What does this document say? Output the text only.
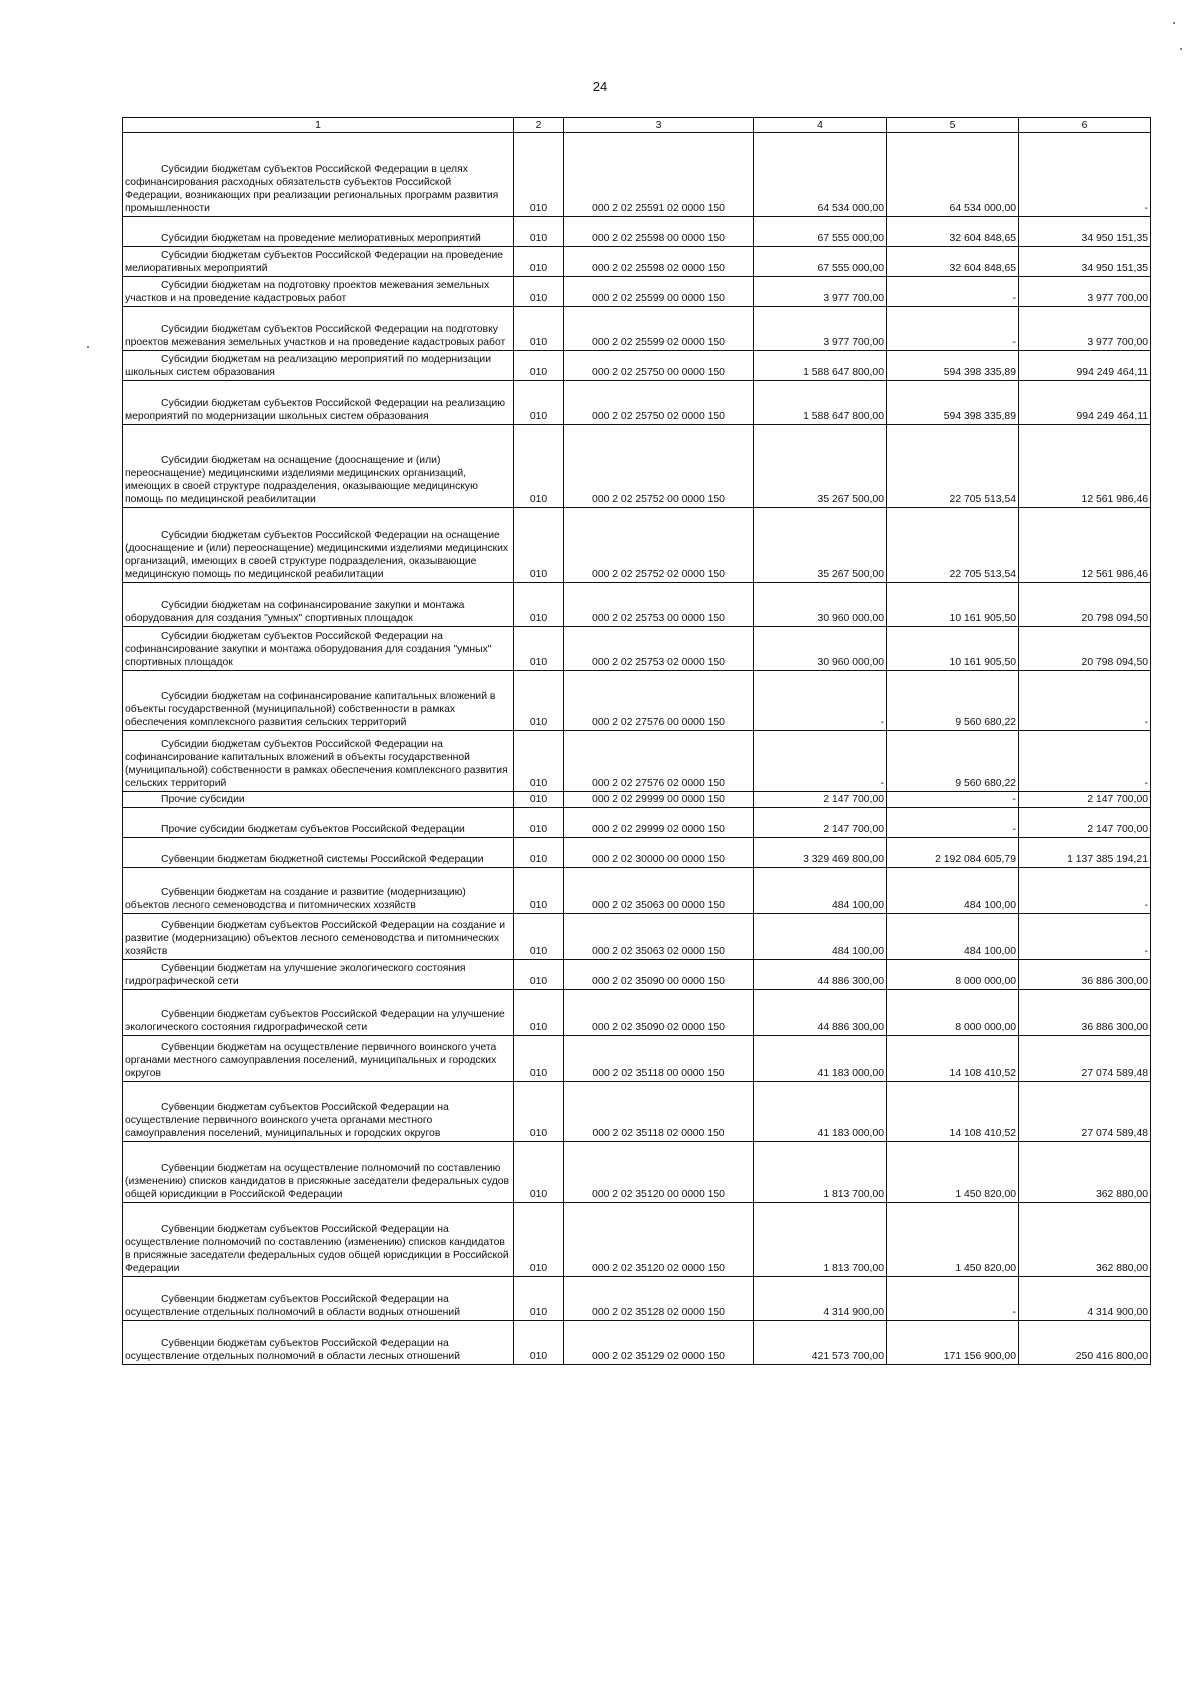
24
1	2	3	4	5	6

Субсидии бюджетам субъектов Российской Федерации в целях софинансирования расходных обязательств субъектов Российской Федерации, возникающих при реализации региональных программ развития промышленности	010	000 2 02 25591 02 0000 150	64 534 000,00	64 534 000,00	-

Субсидии бюджетам на проведение мелиоративных мероприятий	010	000 2 02 25598 00 0000 150	67 555 000,00	32 604 848,65	34 950 151,35

Субсидии бюджетам субъектов Российской Федерации на проведение мелиоративных мероприятий	010	000 2 02 25598 02 0000 150	67 555 000,00	32 604 848,65	34 950 151,35

Субсидии бюджетам на подготовку проектов межевания земельных участков и на проведение кадастровых работ	010	000 2 02 25599 00 0000 150	3 977 700,00	-	3 977 700,00

Субсидии бюджетам субъектов Российской Федерации на подготовку проектов межевания земельных участков и на проведение кадастровых работ	010	000 2 02 25599 02 0000 150	3 977 700,00	-	3 977 700,00

Субсидии бюджетам на реализацию мероприятий по модернизации школьных систем образования	010	000 2 02 25750 00 0000 150	1 588 647 800,00	594 398 335,89	994 249 464,11

Субсидии бюджетам субъектов Российской Федерации на реализацию мероприятий по модернизации школьных систем образования	010	000 2 02 25750 02 0000 150	1 588 647 800,00	594 398 335,89	994 249 464,11

Субсидии бюджетам на оснащение (дооснащение и (или) переоснащение) медицинскими изделиями медицинских организаций, имеющих в своей структуре подразделения, оказывающие медицинскую помощь по медицинской реабилитации	010	000 2 02 25752 00 0000 150	35 267 500,00	22 705 513,54	12 561 986,46

Субсидии бюджетам субъектов Российской Федерации на оснащение (дооснащение и (или) переоснащение) медицинскими изделиями медицинских организаций, имеющих в своей структуре подразделения, оказывающие медицинскую помощь по медицинской реабилитации	010	000 2 02 25752 02 0000 150	35 267 500,00	22 705 513,54	12 561 986,46

Субсидии бюджетам на софинансирование закупки и монтажа оборудования для создания "умных" спортивных площадок	010	000 2 02 25753 00 0000 150	30 960 000,00	10 161 905,50	20 798 094,50

Субсидии бюджетам субъектов Российской Федерации на софинансирование закупки и монтажа оборудования для создания "умных" спортивных площадок	010	000 2 02 25753 02 0000 150	30 960 000,00	10 161 905,50	20 798 094,50

Субсидии бюджетам на софинансирование капитальных вложений в объекты государственной (муниципальной) собственности в рамках обеспечения комплексного развития сельских территорий	010	000 2 02 27576 00 0000 150	-	9 560 680,22	-

Субсидии бюджетам субъектов Российской Федерации на софинансирование капитальных вложений в объекты государственной (муниципальной) собственности в рамках обеспечения комплексного развития сельских территорий	010	000 2 02 27576 02 0000 150	-	9 560 680,22	-

Прочие субсидии	010	000 2 02 29999 00 0000 150	2 147 700,00	-	2 147 700,00

Прочие субсидии бюджетам субъектов Российской Федерации	010	000 2 02 29999 02 0000 150	2 147 700,00	-	2 147 700,00

Субвенции бюджетам бюджетной системы Российской Федерации	010	000 2 02 30000 00 0000 150	3 329 469 800,00	2 192 084 605,79	1 137 385 194,21

Субвенции бюджетам на создание и развитие (модернизацию) объектов лесного семеноводства и питомнических хозяйств	010	000 2 02 35063 00 0000 150	484 100,00	484 100,00	-

Субвенции бюджетам субъектов Российской Федерации на создание и развитие (модернизацию) объектов лесного семеноводства и питомнических хозяйств	010	000 2 02 35063 02 0000 150	484 100,00	484 100,00	-

Субвенции бюджетам на улучшение экологического состояния гидрографической сети	010	000 2 02 35090 00 0000 150	44 886 300,00	8 000 000,00	36 886 300,00

Субвенции бюджетам субъектов Российской Федерации на улучшение экологического состояния гидрографической сети	010	000 2 02 35090 02 0000 150	44 886 300,00	8 000 000,00	36 886 300,00

Субвенции бюджетам на осуществление первичного воинского учета органами местного самоуправления поселений, муниципальных и городских округов	010	000 2 02 35118 00 0000 150	41 183 000,00	14 108 410,52	27 074 589,48

Субвенции бюджетам субъектов Российской Федерации на осуществление первичного воинского учета органами местного самоуправления поселений, муниципальных и городских округов	010	000 2 02 35118 02 0000 150	41 183 000,00	14 108 410,52	27 074 589,48

Субвенции бюджетам на осуществление полномочий по составлению (изменению) списков кандидатов в присяжные заседатели федеральных судов общей юрисдикции в Российской Федерации	010	000 2 02 35120 00 0000 150	1 813 700,00	1 450 820,00	362 880,00

Субвенции бюджетам субъектов Российской Федерации на осуществление полномочий по составлению (изменению) списков кандидатов в присяжные заседатели федеральных судов общей юрисдикции в Российской Федерации	010	000 2 02 35120 02 0000 150	1 813 700,00	1 450 820,00	362 880,00

Субвенции бюджетам субъектов Российской Федерации на осуществление отдельных полномочий в области водных отношений	010	000 2 02 35128 02 0000 150	4 314 900,00	-	4 314 900,00

Субвенции бюджетам субъектов Российской Федерации на осуществление отдельных полномочий в области лесных отношений	010	000 2 02 35129 02 0000 150	421 573 700,00	171 156 900,00	250 416 800,00
